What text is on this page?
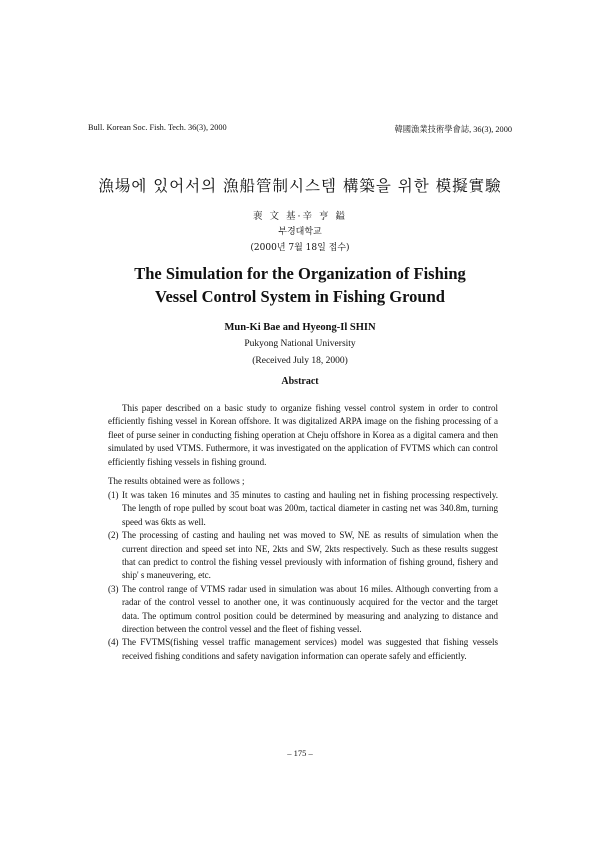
Bull. Korean Soc. Fish. Tech. 36(3), 2000	韓國漁業技術學會誌, 36(3), 2000
漁場에 있어서의 漁船管制시스템 構築을 위한 模擬實驗
裵 文 基·辛 亨 鎰
부경대학교
(2000년 7월 18일 접수)
The Simulation for the Organization of Fishing
Vessel Control System in Fishing Ground
Mun-Ki Bae and Hyeong-Il SHIN
Pukyong National University
(Received July 18, 2000)
Abstract

This paper described on a basic study to organize fishing vessel control system in order to control efficiently fishing vessel in Korean offshore. It was digitalized ARPA image on the fishing processing of a fleet of purse seiner in conducting fishing operation at Cheju offshore in Korea as a digital camera and then simulated by used VTMS. Futhermore, it was investigated on the application of FVTMS which can control efficiently fishing vessels in fishing ground.

The results obtained were as follows ;

(1) It was taken 16 minutes and 35 minutes to casting and hauling net in fishing processing respectively. The length of rope pulled by scout boat was 200m, tactical diameter in casting net was 340.8m, turning speed was 6kts as well.
(2) The processing of casting and hauling net was moved to SW, NE as results of simulation when the current direction and speed set into NE, 2kts and SW, 2kts respectively. Such as these results suggest that can predict to control the fishing vessel previously with information of fishing ground, fishery and ship' s maneuvering, etc.
(3) The control range of VTMS radar used in simulation was about 16 miles. Although converting from a radar of the control vessel to another one, it was continuously acquired for the vector and the target data. The optimum control position could be determined by measuring and analyzing to distance and direction between the control vessel and the fleet of fishing vessel.
(4) The FVTMS(fishing vessel traffic management services) model was suggested that fishing vessels received fishing conditions and safety navigation information can operate safely and efficiently.
– 175 –
